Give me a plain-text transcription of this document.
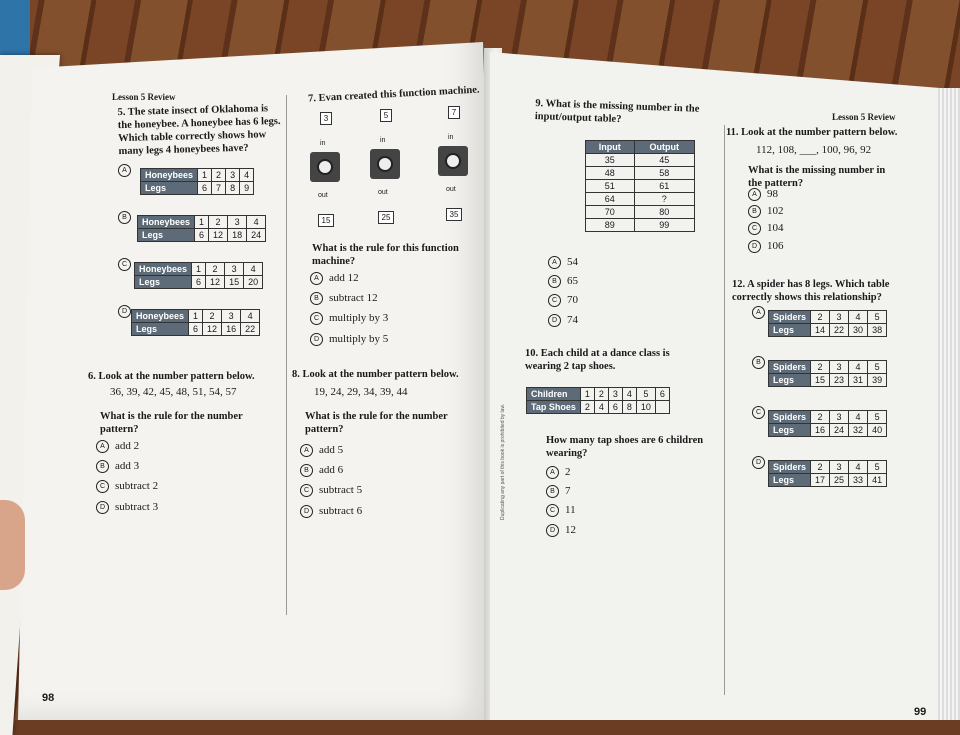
Lesson 5 Review
5. The state insect of Oklahoma is the honeybee. A honeybee has 6 legs. Which table correctly shows how many legs 4 honeybees have?
6. Look at the number pattern below.
36, 39, 42, 45, 48, 51, 54, 57
What is the rule for the number pattern?
A add 2
B add 3
C subtract 2
D subtract 3
7. Evan created this function machine.
3
in
out
15
5
in
out
25
7
in
out
35
What is the rule for this function machine?
A add 12
B subtract 12
C multiply by 3
D multiply by 5
8. Look at the number pattern below.
19, 24, 29, 34, 39, 44
What is the rule for the number pattern?
A add 5
B add 6
C subtract 5
D subtract 6
98
Lesson 5 Review
9. What is the missing number in the input/output table?
Input	Output
35	45
48	58
51	61
64	?
70	80
89	99
A 54
B 65
C 70
D 74
10. Each child at a dance class is wearing 2 tap shoes.
Children	1	2	3	4	5	6
Tap Shoes	2	4	6	8	10	
How many tap shoes are 6 children wearing?
A 2
B 7
C 11
D 12
11. Look at the number pattern below.
112, 108, ___, 100, 96, 92
What is the missing number in the pattern?
A 98
B 102
C 104
D 106
12. A spider has 8 legs. Which table correctly shows this relationship?
Duplicating any part of this book is prohibited by law.
99
A	Honeybees	1	2	3	4
Legs	6	7	8	9
B	Honeybees	1	2	3	4
Legs	6	12	18	24
C	Honeybees	1	2	3	4
Legs	6	12	15	20
D Honeybees	1	2	3	4
Legs	6	12	16	22
A	Spiders	2	3	4	5
Legs	14	22	30	38
B	Spiders	2	3	4	5
Legs	15	23	31	39
C	Spiders	2	3	4	5
Legs	16	24	32	40
D	Spiders	2	3	4	5
Legs	17	25	33	41
